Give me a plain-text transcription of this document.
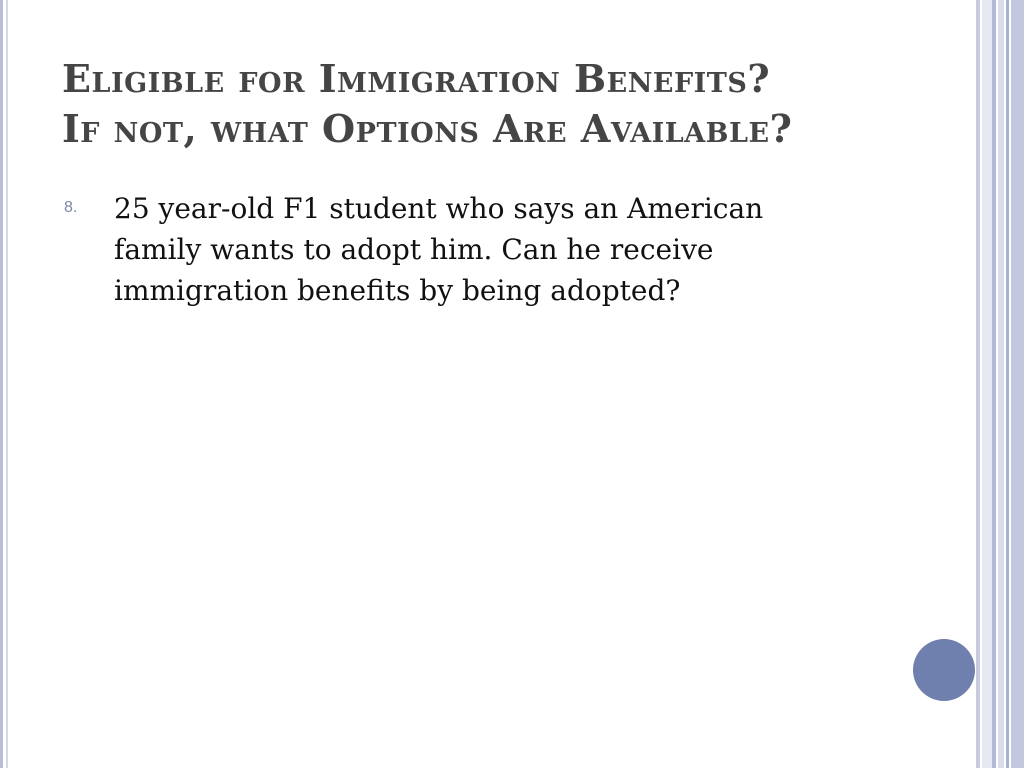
Eligible for Immigration Benefits?
If not, what Options Are Available?
8. 25 year-old F1 student who says an American
family wants to adopt him. Can he receive
immigration benefits by being adopted?
